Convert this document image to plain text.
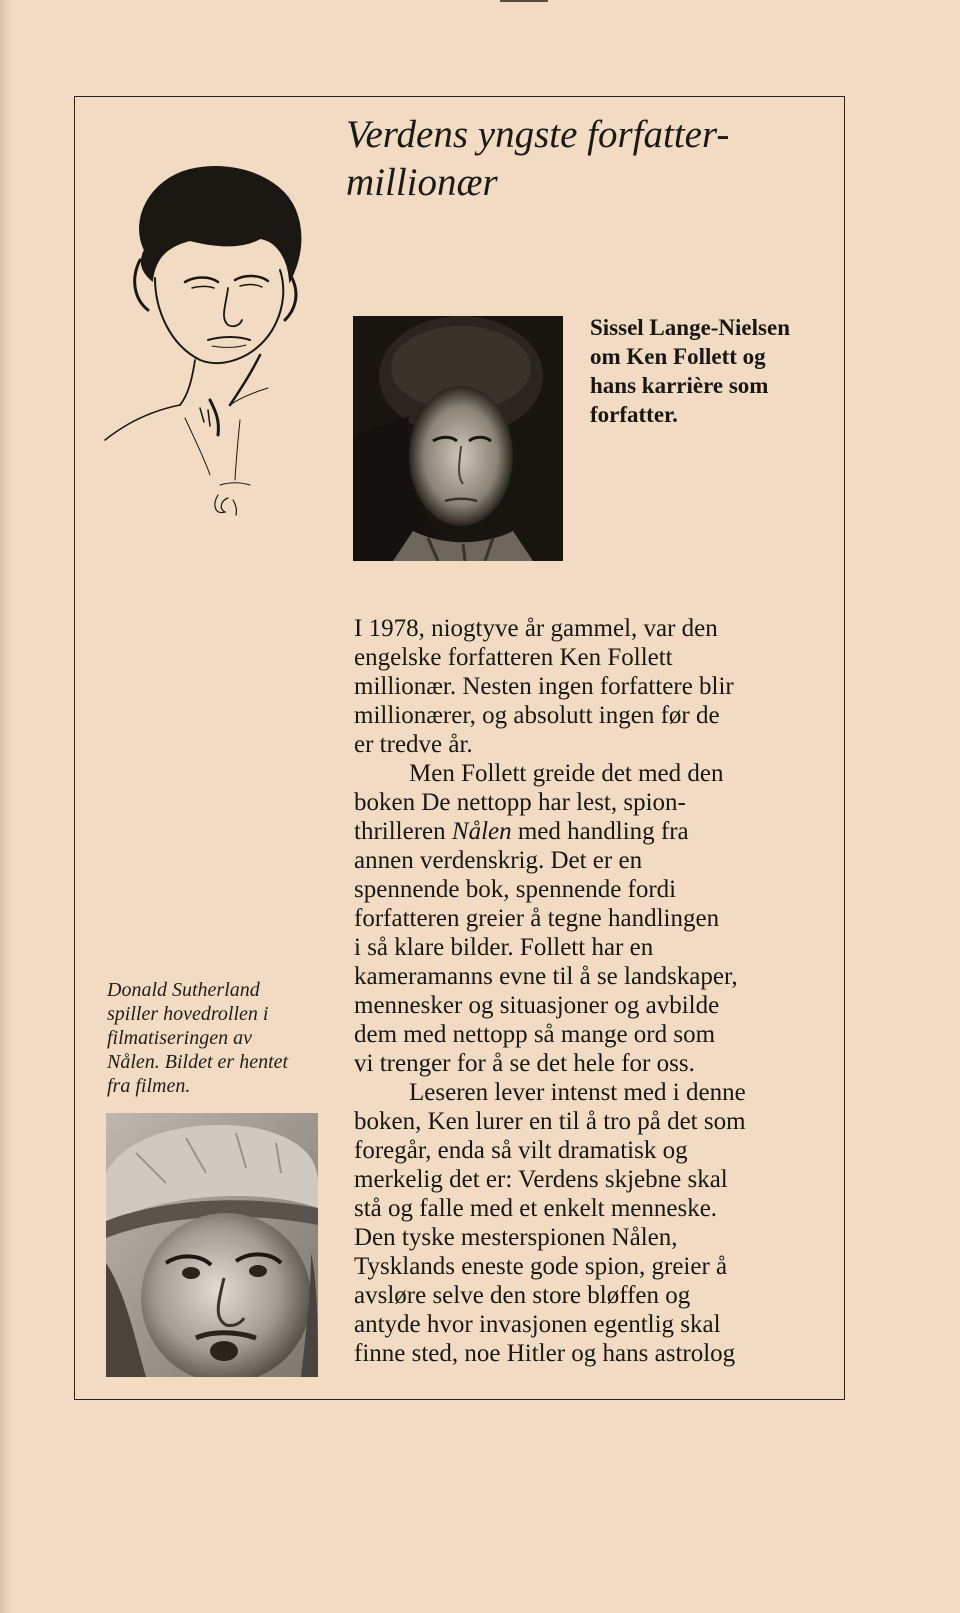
Verdens yngste forfatter-
millionær

Sissel Lange-Nielsen
om Ken Follett og
hans karrière som
forfatter.

Donald Sutherland
spiller hovedrollen i
filmatiseringen av
Nålen. Bildet er hentet
fra filmen.

I 1978, niogtyve år gammel, var den
engelske forfatteren Ken Follett
millionær. Nesten ingen forfattere blir
millionærer, og absolutt ingen før de
er tredve år.
Men Follett greide det med den
boken De nettopp har lest, spion-
thrilleren Nålen med handling fra
annen verdenskrig. Det er en
spennende bok, spennende fordi
forfatteren greier å tegne handlingen
i så klare bilder. Follett har en
kameramanns evne til å se landskaper,
mennesker og situasjoner og avbilde
dem med nettopp så mange ord som
vi trenger for å se det hele for oss.
Leseren lever intenst med i denne
boken, Ken lurer en til å tro på det som
foregår, enda så vilt dramatisk og
merkelig det er: Verdens skjebne skal
stå og falle med et enkelt menneske.
Den tyske mesterspionen Nålen,
Tysklands eneste gode spion, greier å
avsløre selve den store bløffen og
antyde hvor invasjonen egentlig skal
finne sted, noe Hitler og hans astrolog
